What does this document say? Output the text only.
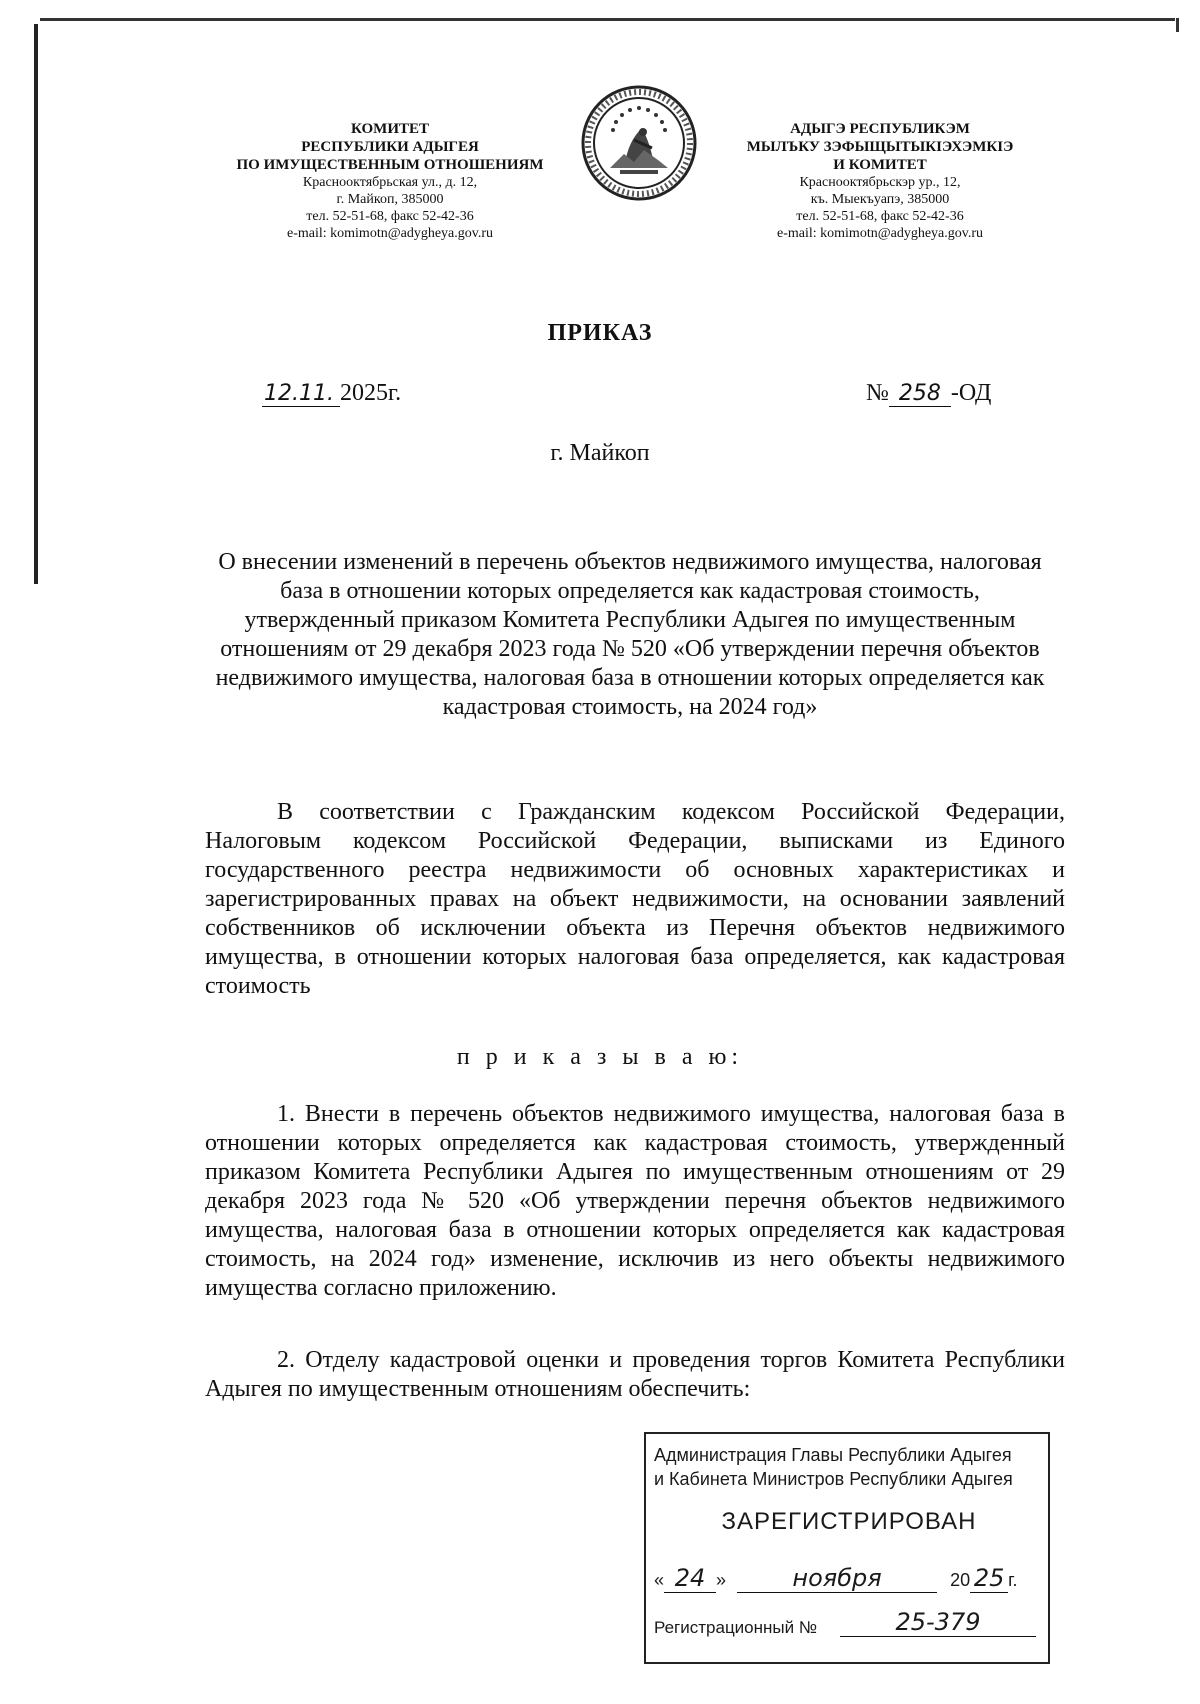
КОМИТЕТ
РЕСПУБЛИКИ АДЫГЕЯ
ПО ИМУЩЕСТВЕННЫМ ОТНОШЕНИЯМ
Краснооктябрьская ул., д. 12,
г. Майкоп, 385000
тел. 52-51-68, факс 52-42-36
e-mail: komimotn@adygheya.gov.ru
АДЫГЭ РЕСПУБЛИКЭМ
МЫЛЪКУ ЗЭФЫЩЫТЫКIЭХЭМКIЭ
И КОМИТЕТ
Краснооктябрьскэр ур., 12,
къ. Мыекъуапэ, 385000
тел. 52-51-68, факс 52-42-36
e-mail: komimotn@adygheya.gov.ru
ПРИКАЗ
12.11. 2025г.	№ 258 -ОД
г. Майкоп
О внесении изменений в перечень объектов недвижимого имущества, налоговая база в отношении которых определяется как кадастровая стоимость, утвержденный приказом Комитета Республики Адыгея по имущественным отношениям от 29 декабря 2023 года № 520 «Об утверждении перечня объектов недвижимого имущества, налоговая база в отношении которых определяется как кадастровая стоимость, на 2024 год»
В соответствии с Гражданским кодексом Российской Федерации, Налоговым кодексом Российской Федерации, выписками из Единого государственного реестра недвижимости об основных характеристиках и зарегистрированных правах на объект недвижимости, на основании заявлений собственников об исключении объекта из Перечня объектов недвижимого имущества, в отношении которых налоговая база определяется, как кадастровая стоимость
п р и к а з ы в а ю:
1. Внести в перечень объектов недвижимого имущества, налоговая база в отношении которых определяется как кадастровая стоимость, утвержденный приказом Комитета Республики Адыгея по имущественным отношениям от 29 декабря 2023 года № 520 «Об утверждении перечня объектов недвижимого имущества, налоговая база в отношении которых определяется как кадастровая стоимость, на 2024 год» изменение, исключив из него объекты недвижимого имущества согласно приложению.
2. Отделу кадастровой оценки и проведения торгов Комитета Республики Адыгея по имущественным отношениям обеспечить:
Администрация Главы Республики Адыгея
и Кабинета Министров Республики Адыгея
ЗАРЕГИСТРИРОВАН
« 24 »	ноября	20 25 г.
Регистрационный №	25-379
